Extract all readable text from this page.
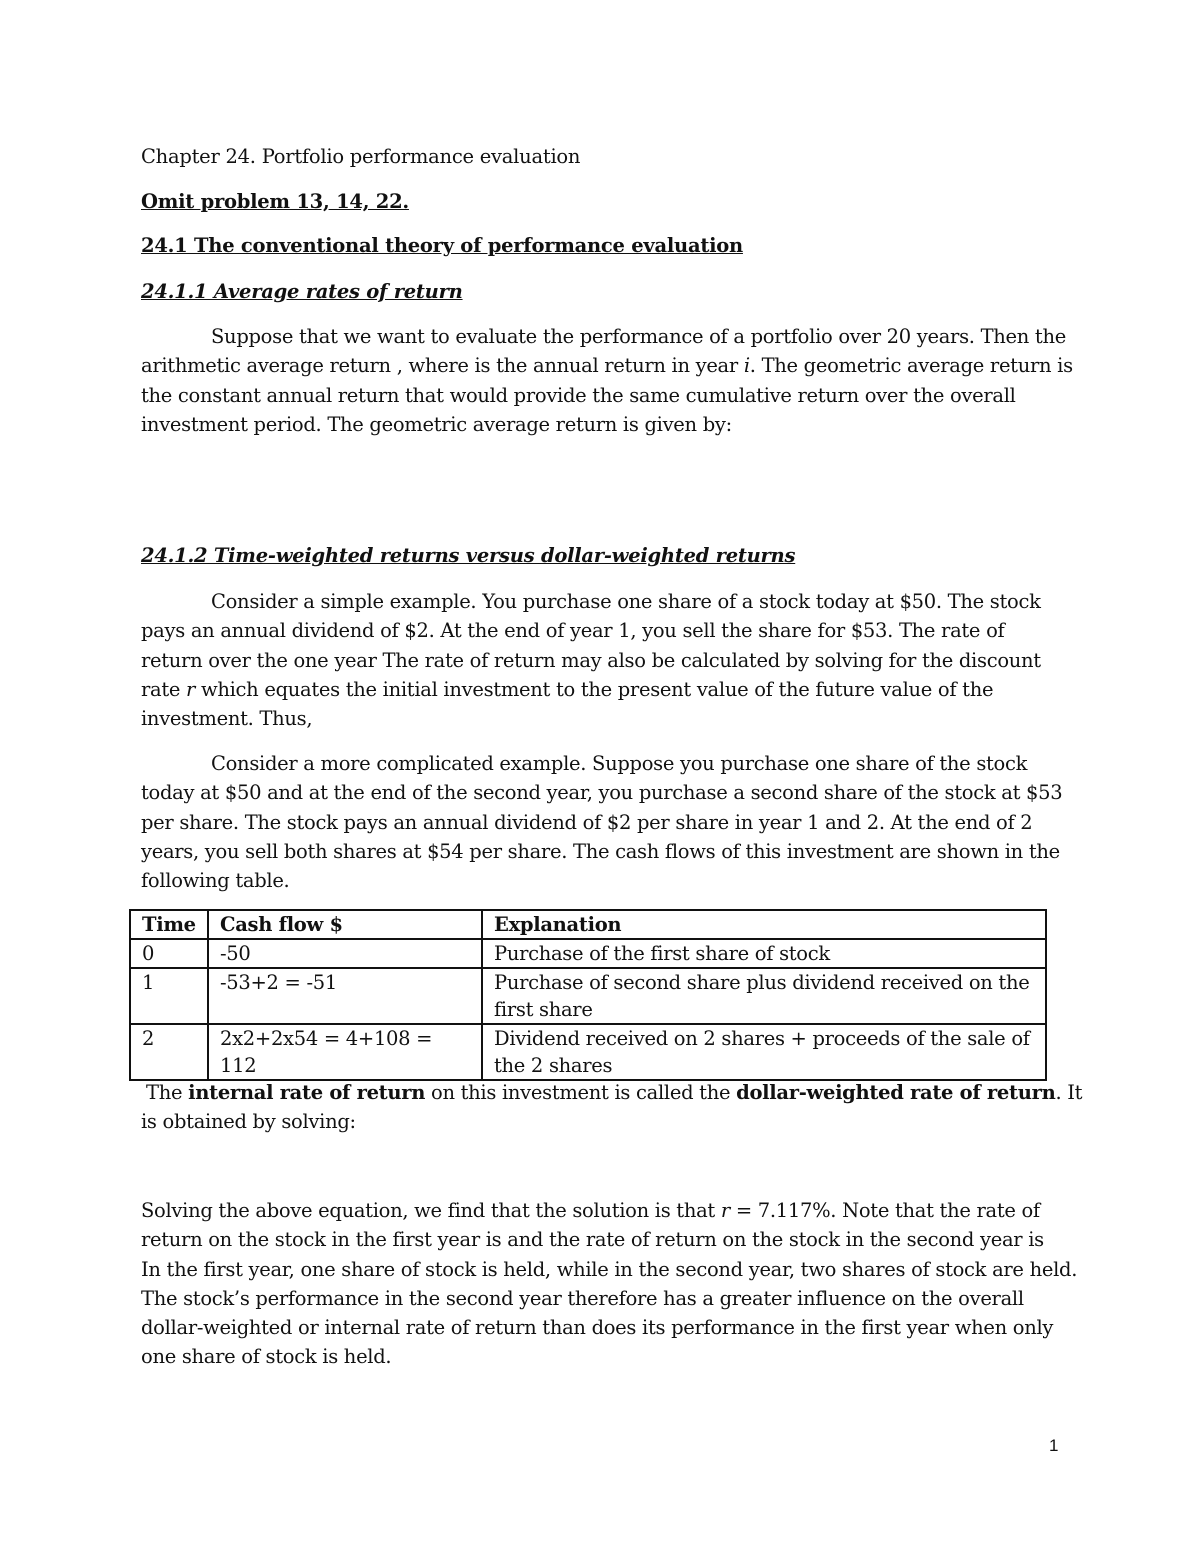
Chapter 24. Portfolio performance evaluation
Omit problem 13, 14, 22.
24.1 The conventional theory of performance evaluation
24.1.1 Average rates of return

Suppose that we want to evaluate the performance of a portfolio over 20 years. Then the

arithmetic average return , where is the annual return in year i. The geometric average return is

the constant annual return that would provide the same cumulative return over the overall

investment period. The geometric average return is given by:

24.1.2 Time-weighted returns versus dollar-weighted returns

Consider a simple example. You purchase one share of a stock today at $50. The stock

pays an annual dividend of $2. At the end of year 1, you sell the share for $53. The rate of

return over the one year The rate of return may also be calculated by solving for the discount

rate r which equates the initial investment to the present value of the future value of the

investment. Thus,

Consider a more complicated example. Suppose you purchase one share of the stock

today at $50 and at the end of the second year, you purchase a second share of the stock at $53

per share. The stock pays an annual dividend of $2 per share in year 1 and 2. At the end of 2

years, you sell both shares at $54 per share. The cash flows of this investment are shown in the

following table.

Time	Cash flow $	Explanation
0	-50	Purchase of the first share of stock
1	-53+2 = -51	Purchase of second share plus dividend received on the first share
2	2x2+2x54 = 4+108 = 112	Dividend received on 2 shares + proceeds of the sale of the 2 shares

The internal rate of return on this investment is called the dollar-weighted rate of return. It

is obtained by solving:

Solving the above equation, we find that the solution is that r = 7.117%. Note that the rate of

return on the stock in the first year is and the rate of return on the stock in the second year is

In the first year, one share of stock is held, while in the second year, two shares of stock are held.

The stock’s performance in the second year therefore has a greater influence on the overall

dollar-weighted or internal rate of return than does its performance in the first year when only

one share of stock is held.

1
